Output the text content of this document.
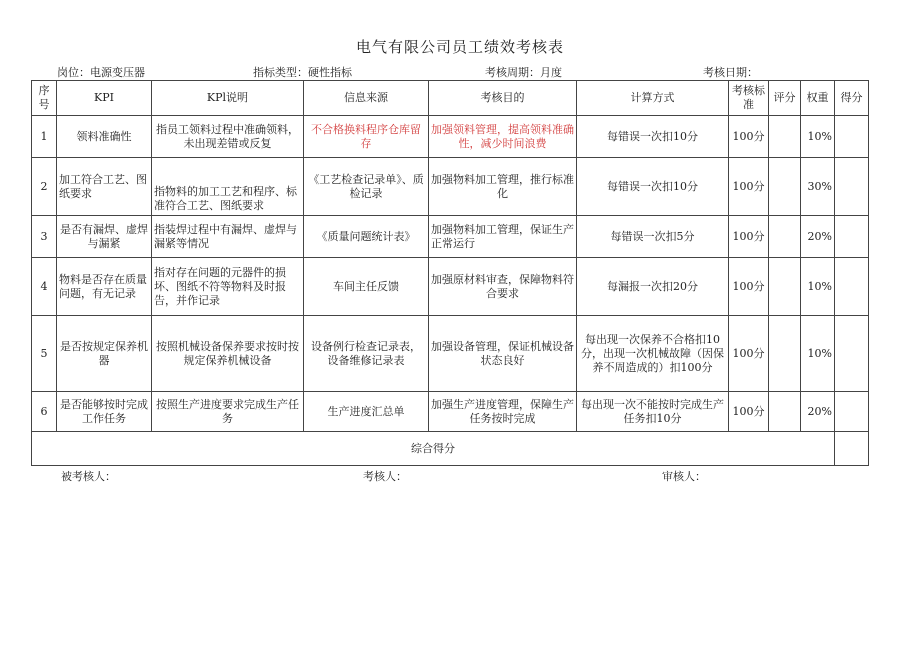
电气有限公司员工绩效考核表
岗位：电源变压器	指标类型：硬性指标	考核周期：月度	考核日期：
序号	KPI	KPl说明	信息来源	考核目的	计算方式	考核标准	评分	权重	得分
1	领料准确性	指员工领料过程中准确领料，未出现差错或反复	不合格换料程序仓库留存	加强领料管理，提高领料准确性，减少时间浪费	每错误一次扣10分	100分		10%	
2	加工符合工艺、图纸要求	指物料的加工工艺和程序、标准符合工艺、图纸要求	《工艺检查记录单》、质检记录	加强物料加工管理，推行标准化	每错误一次扣10分	100分		30%	
3	是否有漏焊、虚焊与漏紧	指装焊过程中有漏焊、虚焊与漏紧等情况	《质量问题统计表》	加强物料加工管理，保证生产正常运行	每错误一次扣5分	100分		20%	
4	物料是否存在质量问题，有无记录	指对存在问题的元器件的损坏、图纸不符等物料及时报告，并作记录	车间主任反馈	加强原材料审查，保障物料符合要求	每漏报一次扣20分	100分		10%	
5	是否按规定保养机器	按照机械设备保养要求按时按规定保养机械设备	设备例行检查记录表，设备维修记录表	加强设备管理，保证机械设备状态良好	每出现一次保养不合格扣10分，出现一次机械故障（因保养不周造成的）扣100分	100分		10%	
6	是否能够按时完成工作任务	按照生产进度要求完成生产任务	生产进度汇总单	加强生产进度管理，保障生产任务按时完成	每出现一次不能按时完成生产任务扣10分	100分		20%	
综合得分									
被考核人：	考核人：	审核人：
